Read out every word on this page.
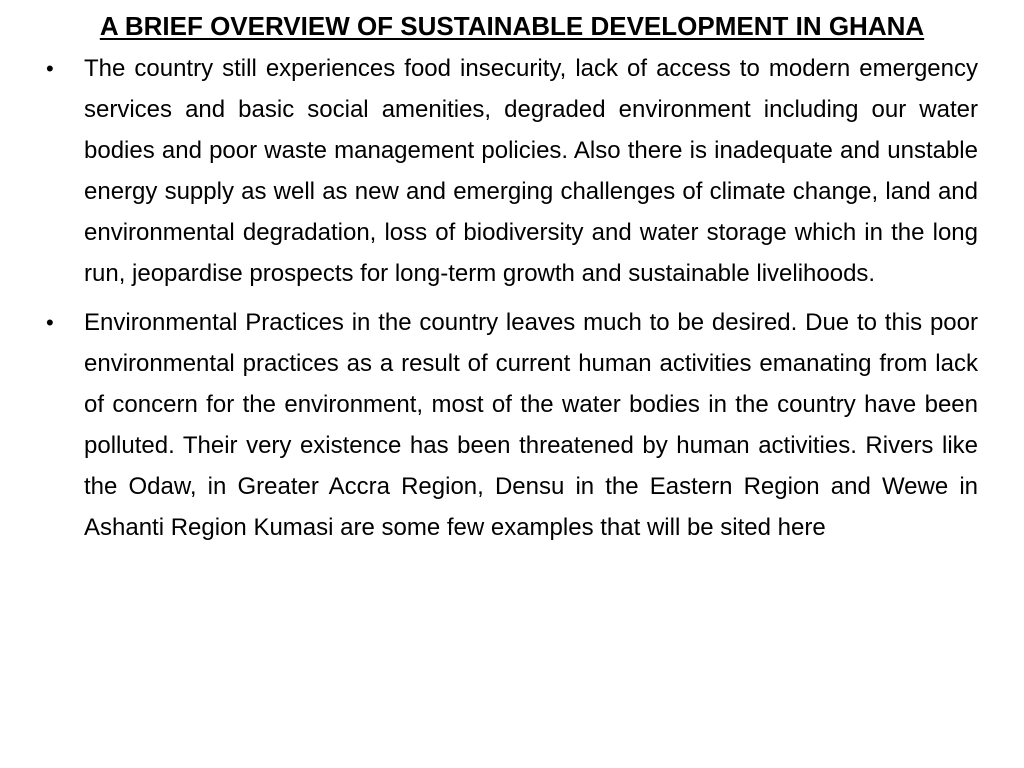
A BRIEF OVERVIEW OF SUSTAINABLE DEVELOPMENT IN GHANA
• The country still experiences food insecurity, lack of access to modern emergency services and basic social amenities, degraded environment including our water bodies and poor waste management policies. Also there is inadequate and unstable energy supply as well as new and emerging challenges of climate change, land and environmental degradation, loss of biodiversity and water storage which in the long run, jeopardise prospects for long-term growth and sustainable livelihoods.
• Environmental Practices in the country leaves much to be desired. Due to this poor environmental practices as a result of current human activities emanating from lack of concern for the environment, most of the water bodies in the country have been polluted. Their very existence has been threatened by human activities. Rivers like the Odaw, in Greater Accra Region, Densu in the Eastern Region and Wewe in Ashanti Region Kumasi are some few examples that will be sited here
